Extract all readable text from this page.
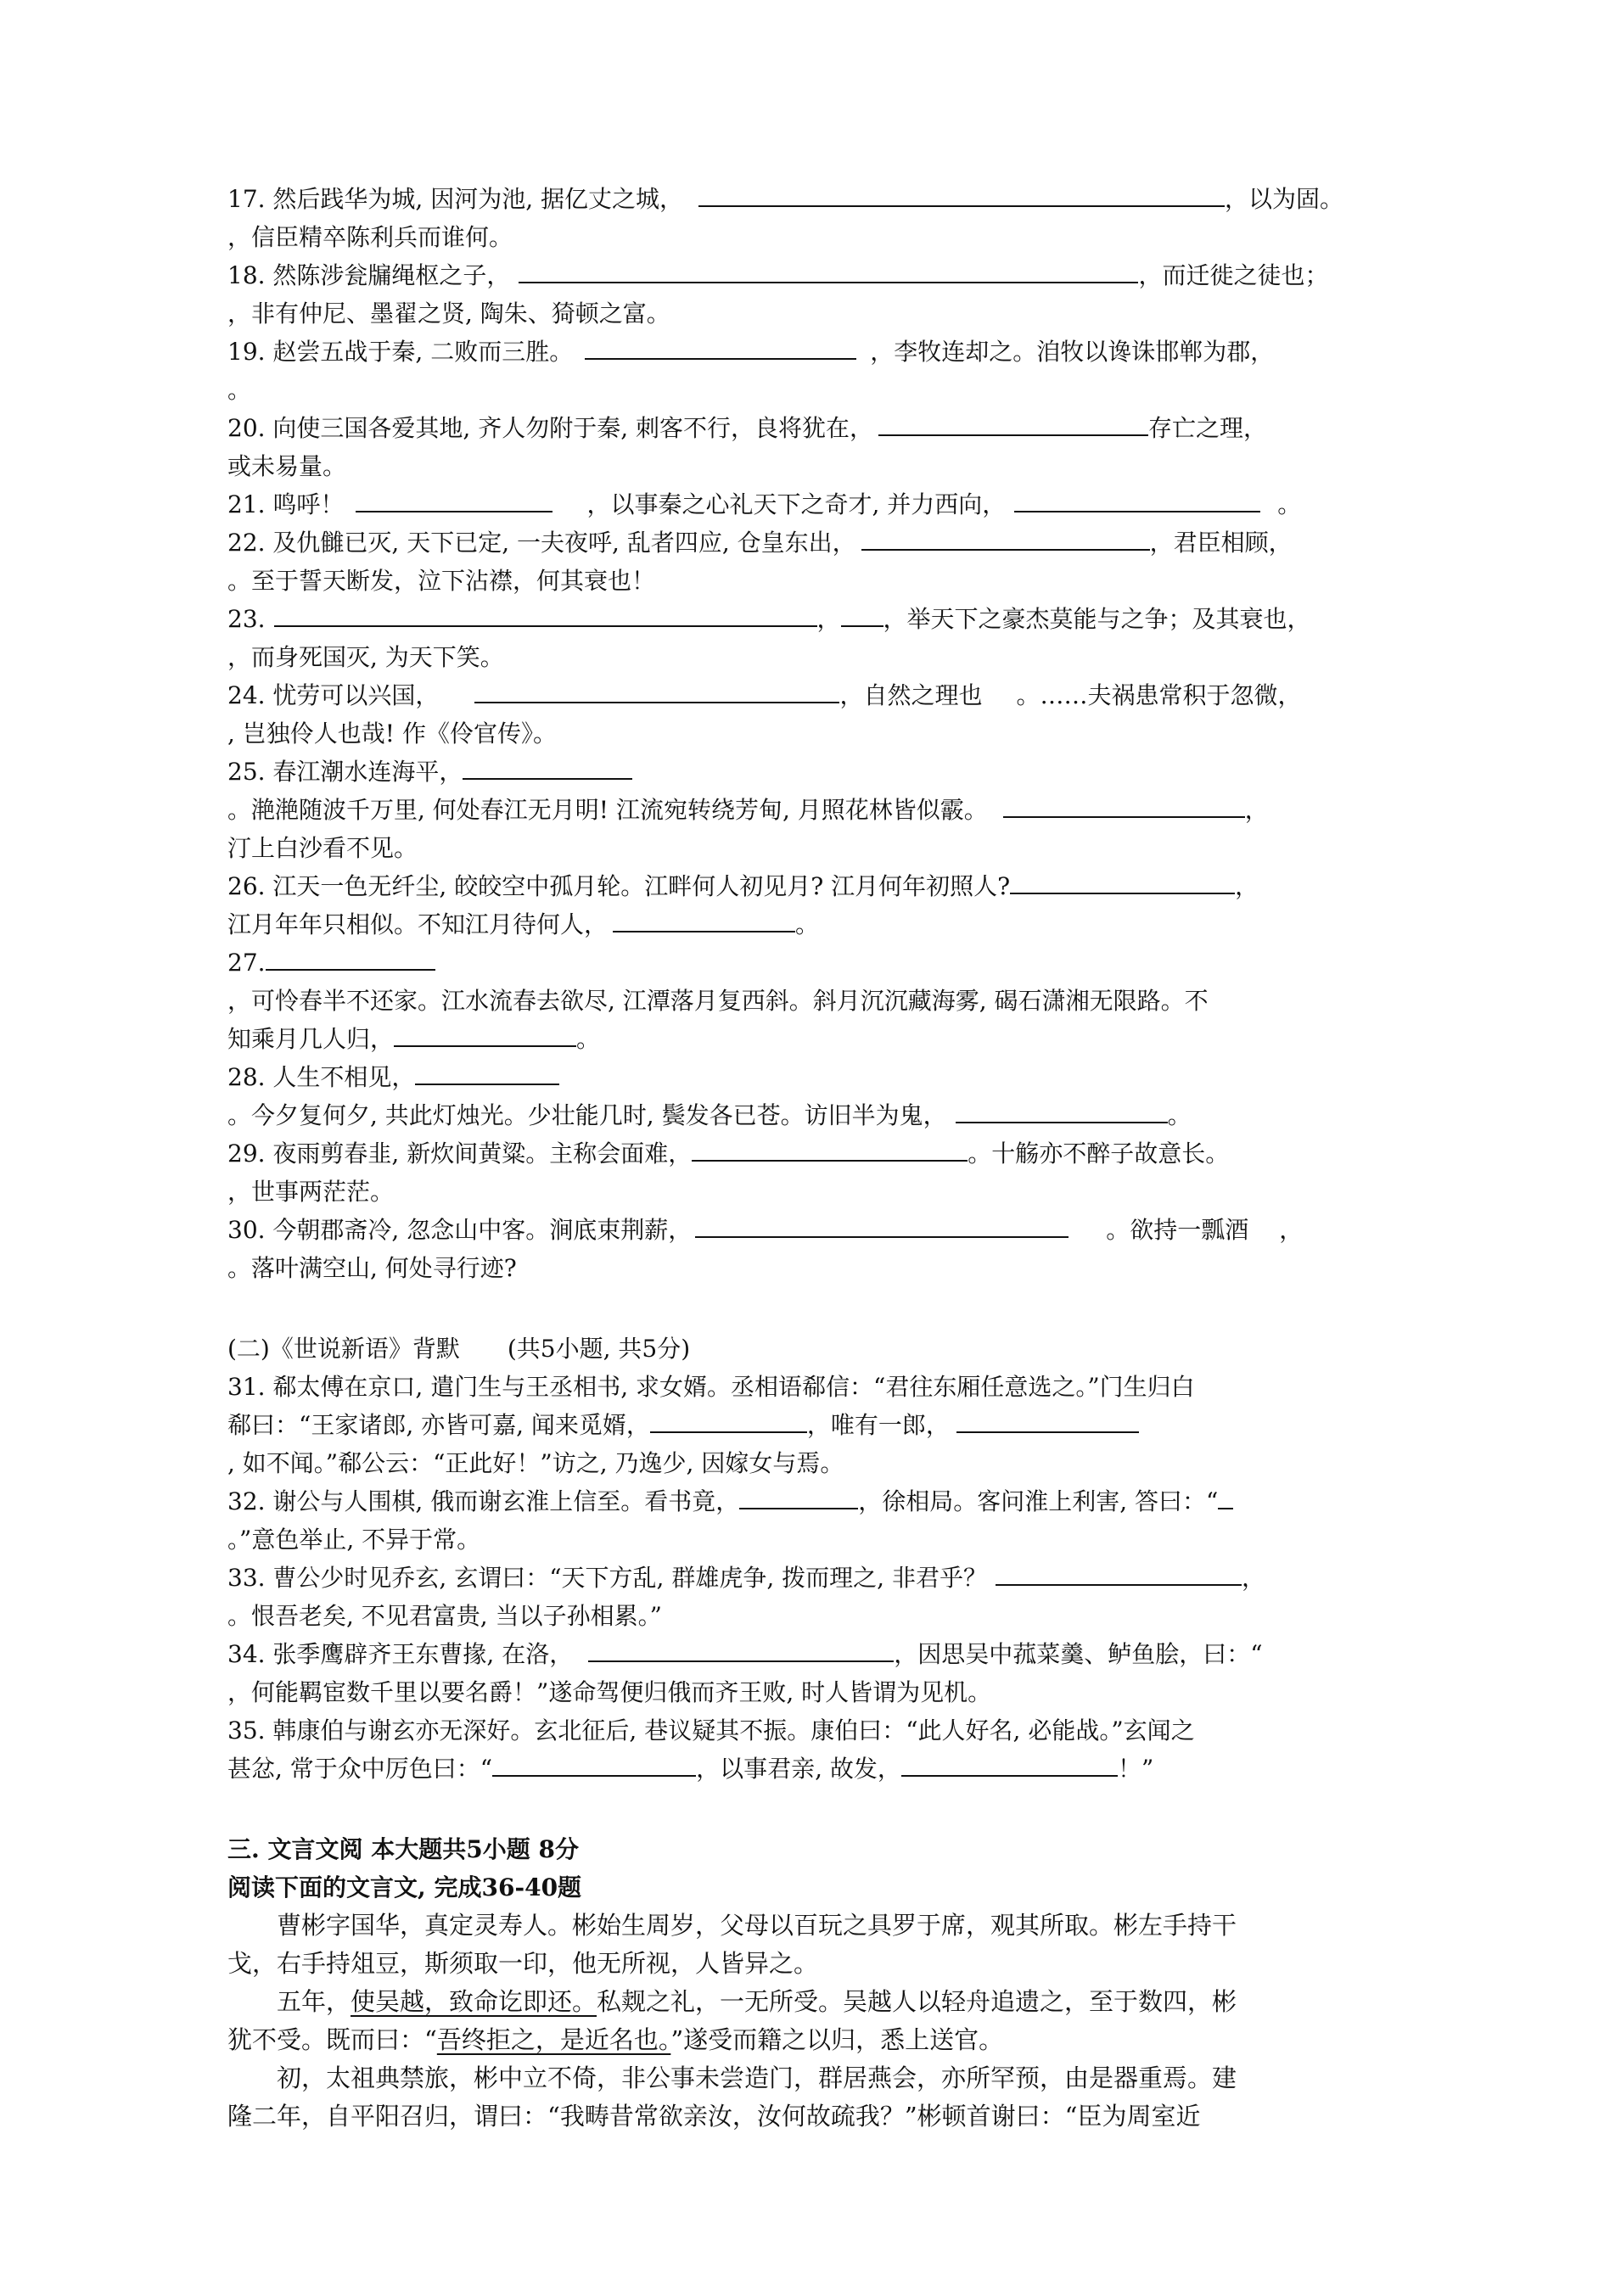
17. 然后践华为城, 因河为池, 据亿丈之城，	，以为固。
，信臣精卒陈利兵而谁何。
18. 然陈涉瓮牖绳枢之子，	，而迁徙之徒也；
，非有仲尼、墨翟之贤, 陶朱、猗顿之富。
19. 赵尝五战于秦, 二败而三胜。	，李牧连却之。洎牧以谗诛邯郸为郡，
。
20. 向使三国各爱其地, 齐人勿附于秦, 刺客不行，良将犹在，	存亡之理，
或未易量。
21. 鸣呼！	，以事秦之心礼天下之奇才, 并力西向，	。
22. 及仇雠已灭, 天下已定, 一夫夜呼, 乱者四应, 仓皇东出，	，君臣相顾，
。至于誓天断发，泣下沾襟，何其衰也！
23.	， ，举天下之豪杰莫能与之争；及其衰也，
，而身死国灭, 为天下笑。
24. 忧劳可以兴国，	，自然之理也 。……夫祸患常积于忽微，
, 岂独伶人也哉! 作《伶官传》。
25. 春江潮水连海平，
。滟滟随波千万里, 何处春江无月明! 江流宛转绕芳甸, 月照花林皆似霰。	，
汀上白沙看不见。
26. 江天一色无纤尘, 皎皎空中孤月轮。江畔何人初见月? 江月何年初照人?	，
江月年年只相似。不知江月待何人，	。
27.
，可怜春半不还家。江水流春去欲尽, 江潭落月复西斜。斜月沉沉藏海雾, 碣石潇湘无限路。不
知乘月几人归，	。
28. 人生不相见，
。今夕复何夕, 共此灯烛光。少壮能几时, 鬓发各已苍。访旧半为鬼，	。
29. 夜雨剪春韭, 新炊间黄粱。主称会面难，	。十觞亦不醉子故意长。
，世事两茫茫。
30. 今朝郡斋冷, 忽念山中客。涧底束荆薪，	。欲持一瓢酒 ，
。落叶满空山, 何处寻行迹?
(二)《世说新语》背默 (共5小题, 共5分)
31. 郗太傅在京口, 遣门生与王丞相书, 求女婿。丞相语郗信：“君往东厢任意选之。”门生归白
郗曰：“王家诸郎, 亦皆可嘉, 闻来觅婿，	，唯有一郎，
, 如不闻。”郗公云：“正此好！”访之, 乃逸少, 因嫁女与焉。
32. 谢公与人围棋, 俄而谢玄淮上信至。看书竟，	，徐相局。客问淮上利害, 答曰：“
。”意色举止, 不异于常。
33. 曹公少时见乔玄, 玄谓曰：“天下方乱, 群雄虎争, 拨而理之, 非君乎？	，
。恨吾老矣, 不见君富贵, 当以子孙相累。”
34. 张季鹰辟齐王东曹掾, 在洛，	，因思吴中菰菜羹、鲈鱼脍，曰：“
，何能羁宦数千里以要名爵！”遂命驾便归俄而齐王败, 时人皆谓为见机。
35. 韩康伯与谢玄亦无深好。玄北征后, 巷议疑其不振。康伯曰：“此人好名, 必能战。”玄闻之
甚忿, 常于众中厉色曰：“	，以事君亲, 故发，	！”
三. 文言文阅 本大题共5小题 8分
阅读下面的文言文, 完成36-40题
曹彬字国华，真定灵寿人。彬始生周岁，父母以百玩之具罗于席，观其所取。彬左手持干
戈，右手持俎豆，斯须取一印，他无所视，人皆异之。
五年，使吴越，致命讫即还。私觌之礼，一无所受。吴越人以轻舟追遗之，至于数四，彬
犹不受。既而曰：“吾终拒之，是近名也。”遂受而籍之以归，悉上送官。
初，太祖典禁旅，彬中立不倚，非公事未尝造门，群居燕会，亦所罕预，由是器重焉。建
隆二年，自平阳召归，谓曰：“我畴昔常欲亲汝，汝何故疏我？”彬顿首谢曰：“臣为周室近
